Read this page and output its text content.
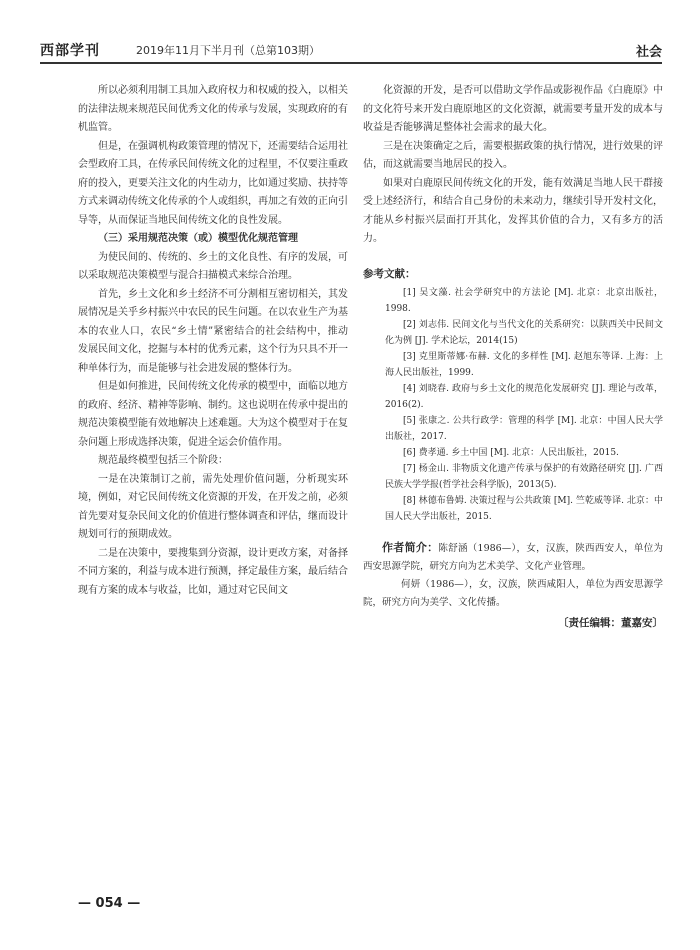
西部学刊	2019年11月下半月刊（总第103期）	社会

所以必须利用制工具加入政府权力和权威的投入，以相关的法律法规来规范民间优秀文化的传承与发展，实现政府的有机监管。

但是，在强调机构政策管理的情况下，还需要结合运用社会型政府工具，在传承民间传统文化的过程里，不仅要注重政府的投入，更要关注文化的内生动力，比如通过奖励、扶持等方式来调动传统文化传承的个人或组织，再加之有效的正向引导等，从而保证当地民间传统文化的良性发展。

（三）采用规范决策（或）模型优化规范管理

为使民间的、传统的、乡土的文化良性、有序的发展，可以采取规范决策模型与混合扫描模式来综合治理。

首先，乡土文化和乡土经济不可分割相互密切相关，其发展情况是关乎乡村振兴中农民的民生问题。在以农业生产为基本的农业人口，农民“乡土情”紧密结合的社会结构中，推动发展民间文化，挖掘与本村的优秀元素，这个行为只具不开一种单体行为，而是能够与社会进发展的整体行为。

但是如何推进，民间传统文化传承的模型中，面临以地方的政府、经济、精神等影响、制约。这也说明在传承中提出的规范决策模型能有效地解决上述难题。大为这个模型对于在复杂问题上形成选择决策，促进全运会价值作用。

规范最终模型包括三个阶段：

一是在决策制订之前，需先处理价值问题，分析现实环境，例如，对它民间传统文化资源的开发，在开发之前，必须首先要对复杂民间文化的价值进行整体调查和评估，继而设计规划可行的预期成效。

二是在决策中，要搜集到分资源，设计更改方案，对备择不同方案的，利益与成本进行预测，择定最佳方案，最后结合现有方案的成本与收益，比如，通过对它民间文

化资源的开发，是否可以借助文学作品或影视作品《白鹿原》中的文化符号来开发白鹿原地区的文化资源，就需要考量开发的成本与收益是否能够满足整体社会需求的最大化。

三是在决策确定之后，需要根据政策的执行情况，进行效果的评估，而这就需要当地居民的投入。

如果对白鹿原民间传统文化的开发，能有效满足当地人民干群接受上述经济行，和结合自己身份的未来动力，继续引导开发村文化，才能从乡村振兴层面打开其化，发挥其价值的合力，又有多方的活力。

参考文献：

[1] 吴文藻. 社会学研究中的方法论 [M]. 北京：北京出版社，1998.

[2] 刘志伟. 民间文化与当代文化的关系研究：以陕西关中民间文化为例 [J]. 学术论坛，2014(15)

[3] 克里斯蒂娜·布赫. 文化的多样性 [M]. 赵旭东等译. 上海：上海人民出版社，1999.

[4] 刘晓春. 政府与乡土文化的规范化发展研究 [J]. 理论与改革，2016(2).

[5] 张康之. 公共行政学：管理的科学 [M]. 北京：中国人民大学出版社，2017.

[6] 费孝通. 乡土中国 [M]. 北京：人民出版社，2015.

[7] 杨金山. 非物质文化遗产传承与保护的有效路径研究 [J]. 广西民族大学学报(哲学社会科学版)，2013(5).

[8] 林德布鲁姆. 决策过程与公共政策 [M]. 竺乾威等译. 北京：中国人民大学出版社，2015.

作者简介：陈舒涵（1986—），女，汉族，陕西西安人，单位为西安思源学院，研究方向为艺术美学、文化产业管理。

何妍（1986—），女，汉族，陕西咸阳人，单位为西安思源学院，研究方向为美学、文化传播。

〔责任编辑：董嘉安〕
— 054 —
